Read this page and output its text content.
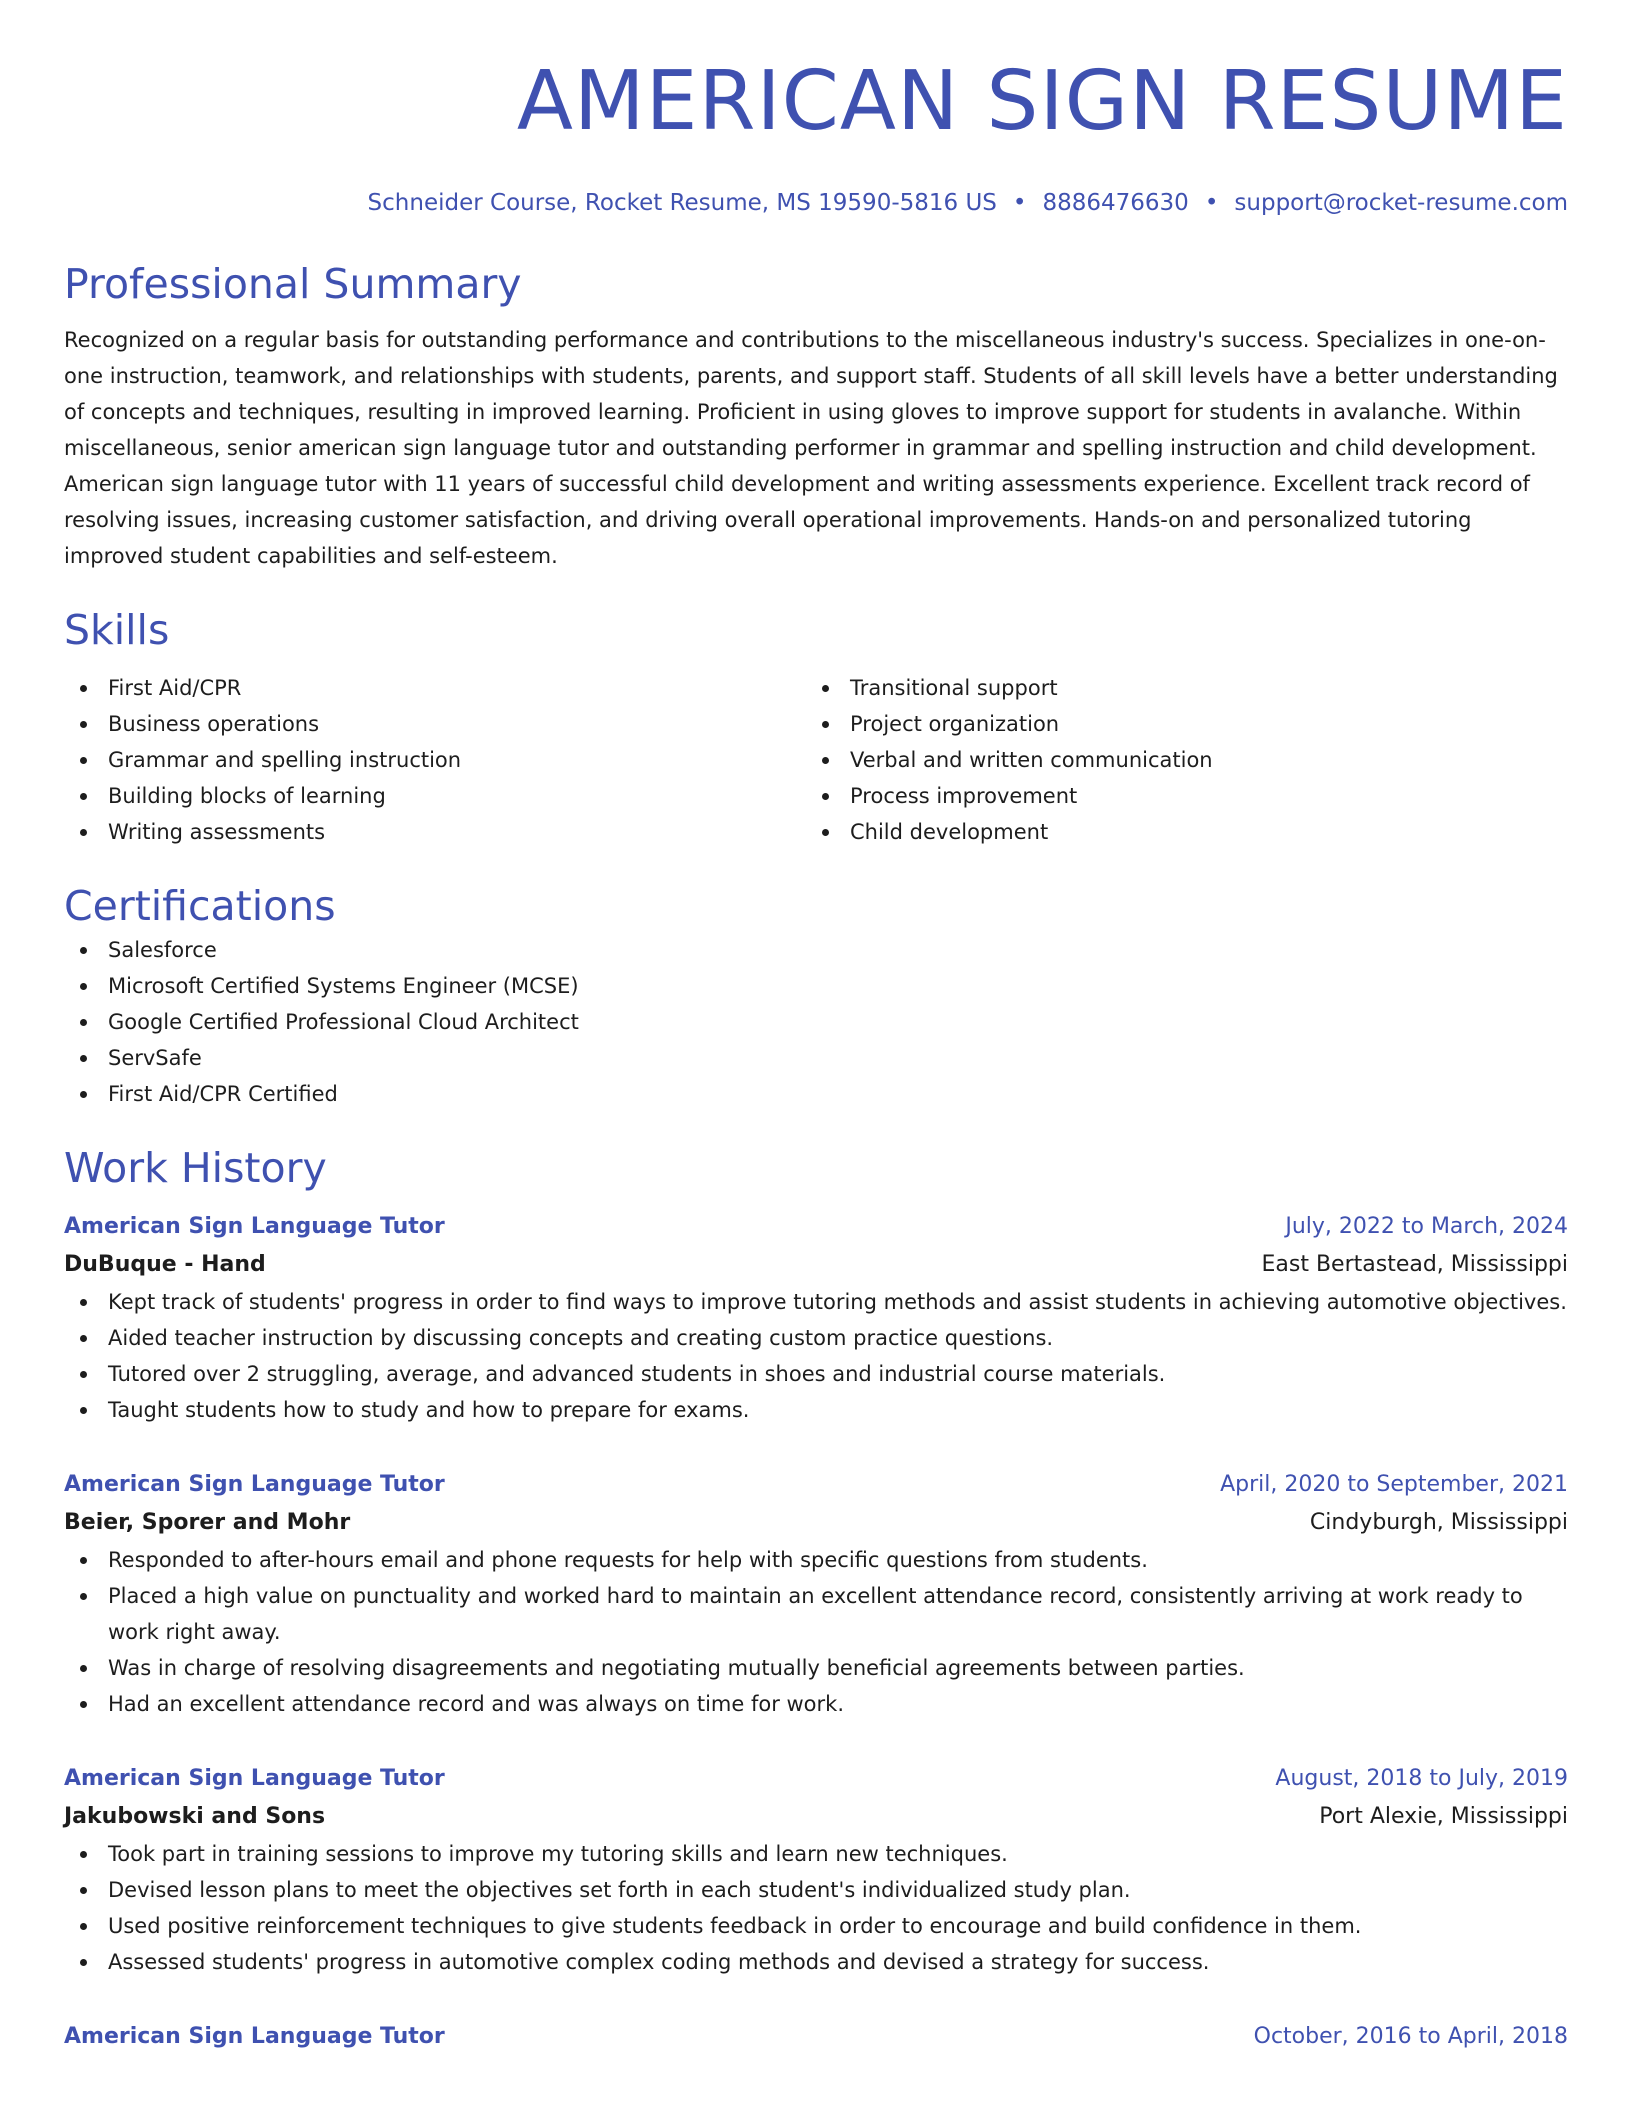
AMERICAN SIGN RESUME
Schneider Course, Rocket Resume, MS 19590-5816 US • 8886476630 • support@rocket-resume.com
Professional Summary

Recognized on a regular basis for outstanding performance and contributions to the miscellaneous industry's success. Specializes in one-on-one instruction, teamwork, and relationships with students, parents, and support staff. Students of all skill levels have a better understanding of concepts and techniques, resulting in improved learning. Proficient in using gloves to improve support for students in avalanche. Within miscellaneous, senior american sign language tutor and outstanding performer in grammar and spelling instruction and child development. American sign language tutor with 11 years of successful child development and writing assessments experience. Excellent track record of resolving issues, increasing customer satisfaction, and driving overall operational improvements. Hands-on and personalized tutoring improved student capabilities and self-esteem.

Skills
First Aid/CPR
Business operations
Grammar and spelling instruction
Building blocks of learning
Writing assessments
Transitional support
Project organization
Verbal and written communication
Process improvement
Child development
Certifications
Salesforce
Microsoft Certified Systems Engineer (MCSE)
Google Certified Professional Cloud Architect
ServSafe
First Aid/CPR Certified
Work History
American Sign Language Tutor	July, 2022 to March, 2024
DuBuque - Hand	East Bertastead, Mississippi
Kept track of students' progress in order to find ways to improve tutoring methods and assist students in achieving automotive objectives.
Aided teacher instruction by discussing concepts and creating custom practice questions.
Tutored over 2 struggling, average, and advanced students in shoes and industrial course materials.
Taught students how to study and how to prepare for exams.
American Sign Language Tutor	April, 2020 to September, 2021
Beier, Sporer and Mohr	Cindyburgh, Mississippi
Responded to after-hours email and phone requests for help with specific questions from students.
Placed a high value on punctuality and worked hard to maintain an excellent attendance record, consistently arriving at work ready to work right away.
Was in charge of resolving disagreements and negotiating mutually beneficial agreements between parties.
Had an excellent attendance record and was always on time for work.
American Sign Language Tutor	August, 2018 to July, 2019
Jakubowski and Sons	Port Alexie, Mississippi
Took part in training sessions to improve my tutoring skills and learn new techniques.
Devised lesson plans to meet the objectives set forth in each student's individualized study plan.
Used positive reinforcement techniques to give students feedback in order to encourage and build confidence in them.
Assessed students' progress in automotive complex coding methods and devised a strategy for success.
American Sign Language Tutor	October, 2016 to April, 2018
